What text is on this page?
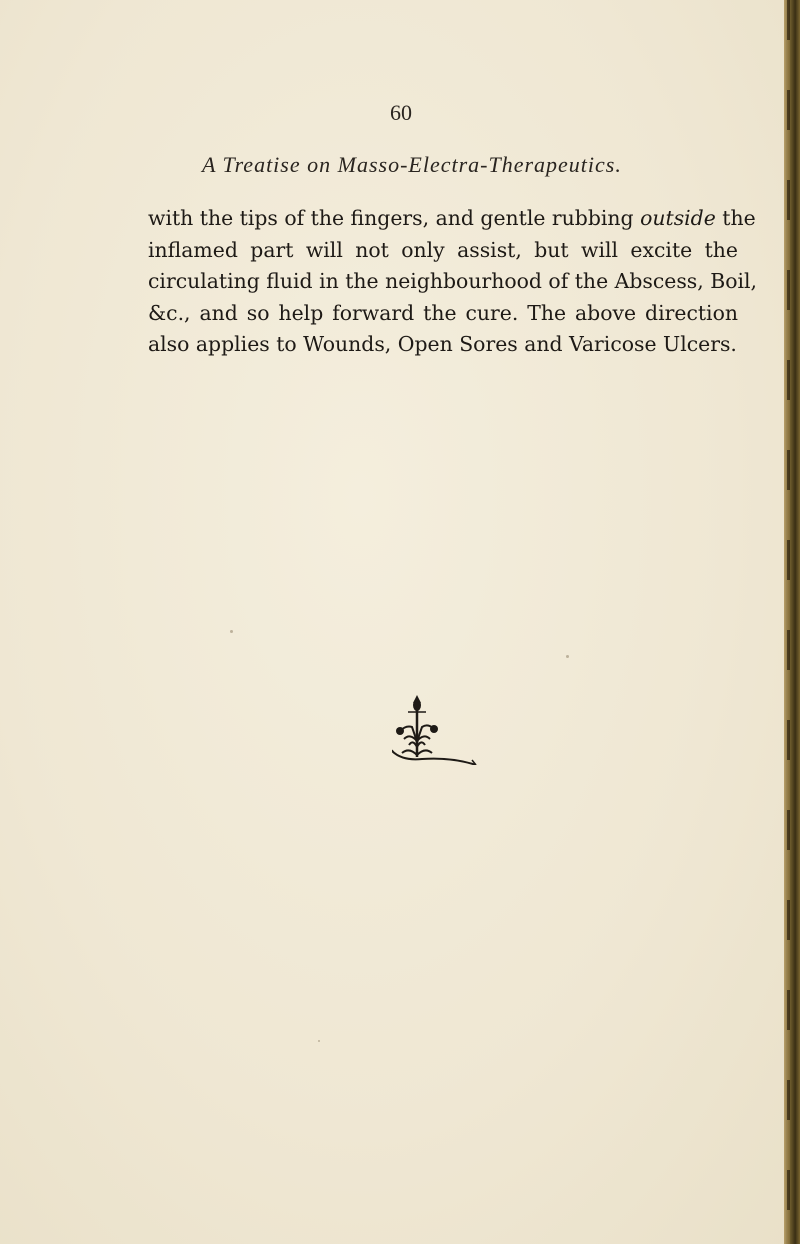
60
A Treatise on Masso-Electra-Therapeutics.
with the tips of the fingers, and gentle rubbing outside the
inflamed part will not only assist, but will excite the
circulating fluid in the neighbourhood of the Abscess, Boil,
&c., and so help forward the cure. The above direction
also applies to Wounds, Open Sores and Varicose Ulcers.
